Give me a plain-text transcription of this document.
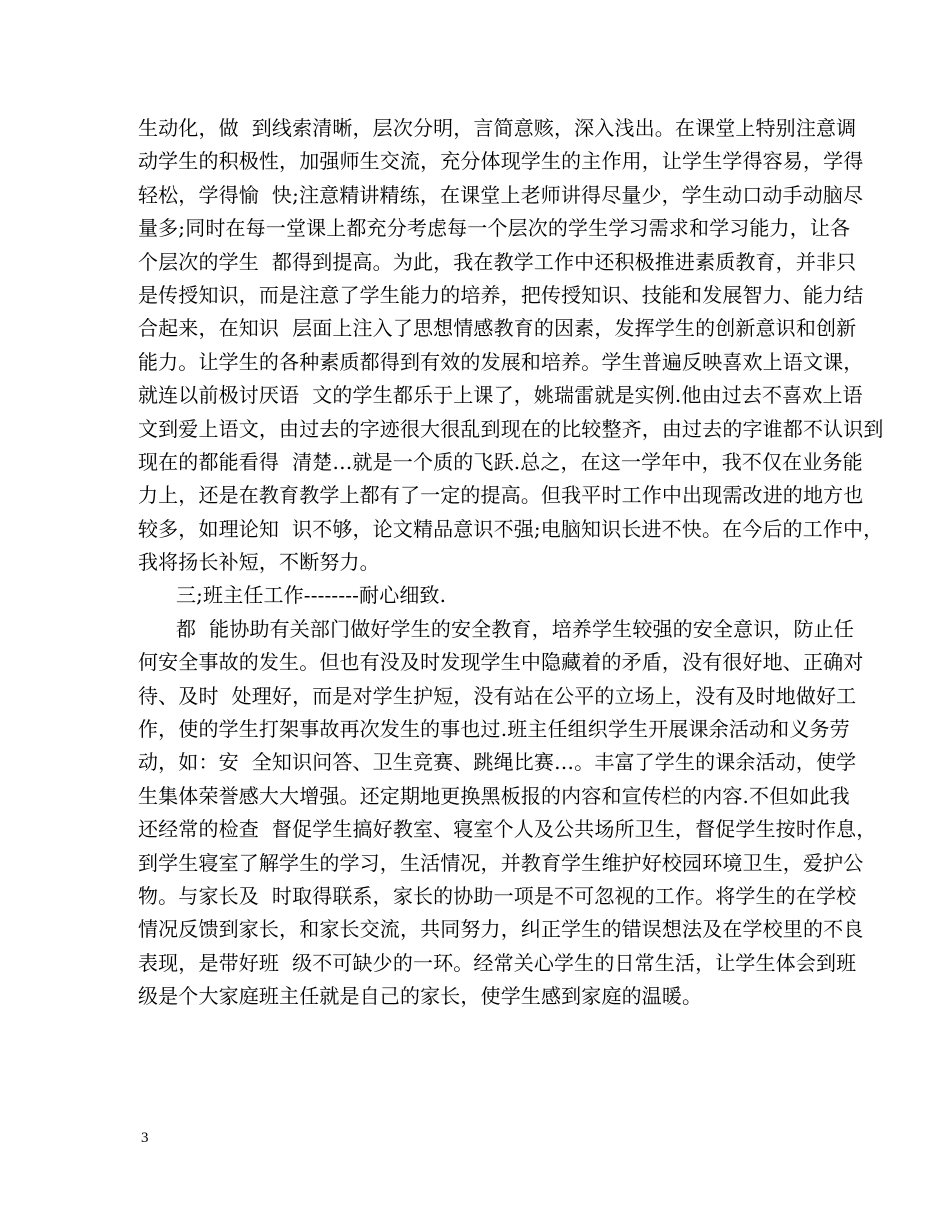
生动化，做  到线索清晰，层次分明，言简意赅，深入浅出。在课堂上特别注意调
动学生的积极性，加强师生交流，充分体现学生的主作用，让学生学得容易，学得
轻松，学得愉  快;注意精讲精练，在课堂上老师讲得尽量少，学生动口动手动脑尽
量多;同时在每一堂课上都充分考虑每一个层次的学生学习需求和学习能力，让各
个层次的学生  都得到提高。为此，我在教学工作中还积极推进素质教育，并非只
是传授知识，而是注意了学生能力的培养，把传授知识、技能和发展智力、能力结
合起来，在知识  层面上注入了思想情感教育的因素，发挥学生的创新意识和创新
能力。让学生的各种素质都得到有效的发展和培养。学生普遍反映喜欢上语文课，
就连以前极讨厌语  文的学生都乐于上课了，姚瑞雷就是实例.他由过去不喜欢上语
文到爱上语文，由过去的字迹很大很乱到现在的比较整齐，由过去的字谁都不认识到
现在的都能看得  清楚…就是一个质的飞跃.总之，在这一学年中，我不仅在业务能
力上，还是在教育教学上都有了一定的提高。但我平时工作中出现需改进的地方也
较多，如理论知  识不够，论文精品意识不强;电脑知识长进不快。在今后的工作中，
我将扬长补短，不断努力。
三;班主任工作--------耐心细致.
都  能协助有关部门做好学生的安全教育，培养学生较强的安全意识，防止任
何安全事故的发生。但也有没及时发现学生中隐藏着的矛盾，没有很好地、正确对
待、及时  处理好，而是对学生护短，没有站在公平的立场上，没有及时地做好工
作，使的学生打架事故再次发生的事也过.班主任组织学生开展课余活动和义务劳
动，如：安  全知识问答、卫生竞赛、跳绳比赛…。丰富了学生的课余活动，使学
生集体荣誉感大大增强。还定期地更换黑板报的内容和宣传栏的内容.不但如此我
还经常的检查  督促学生搞好教室、寝室个人及公共场所卫生，督促学生按时作息，
到学生寝室了解学生的学习，生活情况，并教育学生维护好校园环境卫生，爱护公
物。与家长及  时取得联系，家长的协助一项是不可忽视的工作。将学生的在学校
情况反馈到家长，和家长交流，共同努力，纠正学生的错误想法及在学校里的不良
表现，是带好班  级不可缺少的一环。经常关心学生的日常生活，让学生体会到班
级是个大家庭班主任就是自己的家长，使学生感到家庭的温暖。
3
